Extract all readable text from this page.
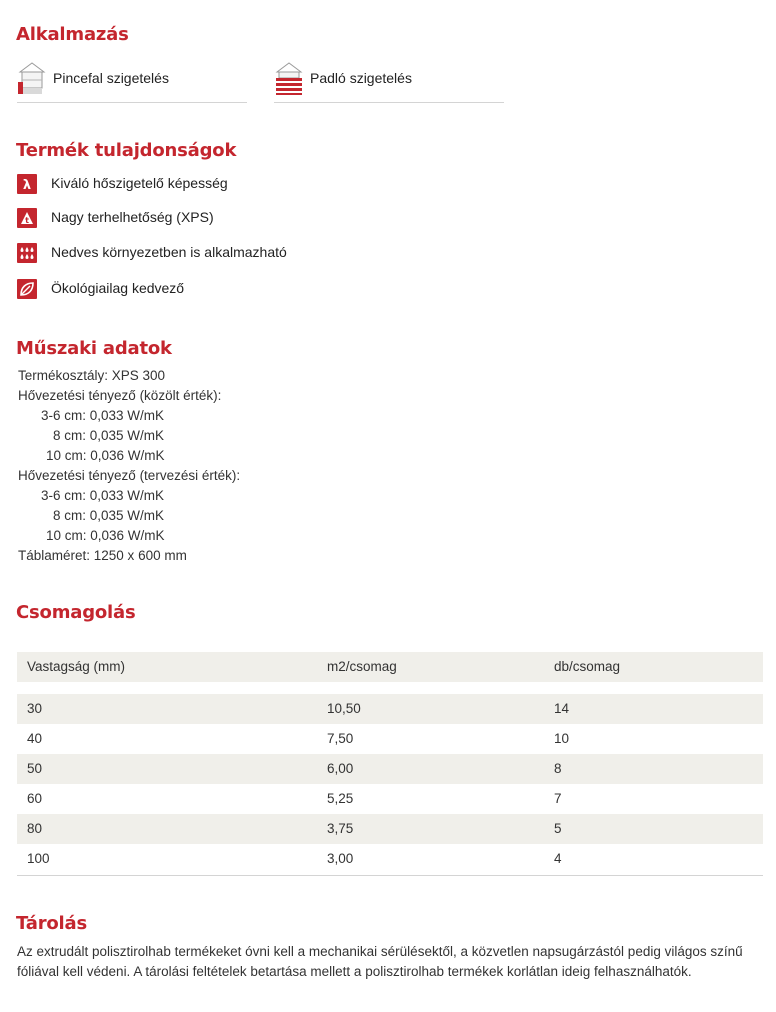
Alkalmazás
Pincefal szigetelés	Padló szigetelés
Termék tulajdonságok
λ Kiváló hőszigetelő képesség
t Nagy terhelhetőség (XPS)
Nedves környezetben is alkalmazható
Ökológiailag kedvező
Műszaki adatok
Termékosztály: XPS 300
Hővezetési tényező (közölt érték):
3-6 cm: 0,033 W/mK
8 cm: 0,035 W/mK
10 cm: 0,036 W/mK
Hővezetési tényező (tervezési érték):
3-6 cm: 0,033 W/mK
8 cm: 0,035 W/mK
10 cm: 0,036 W/mK
Táblaméret: 1250 x 600 mm
Csomagolás
Vastagság (mm)	m2/csomag	db/csomag
30	10,50	14
40	7,50	10
50	6,00	8
60	5,25	7
80	3,75	5
100	3,00	4
Tárolás

Az extrudált polisztirolhab termékeket óvni kell a mechanikai sérülésektől, a közvetlen napsugárzástól pedig világos színű fóliával kell védeni. A tárolási feltételek betartása mellett a polisztirolhab termékek korlátlan ideig felhasználhatók.
